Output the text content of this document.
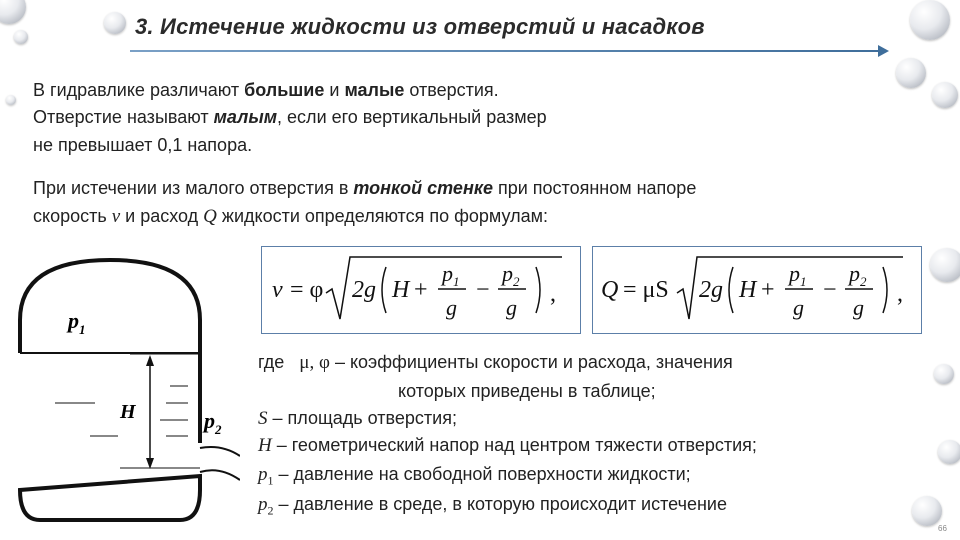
3. Истечение жидкости из отверстий и насадков
В гидравлике различают большие и малые отверстия.
Отверстие называют малым, если его вертикальный размер
не превышает 0,1 напора.
При истечении из малого отверстия в тонкой стенке при постоянном напоре
скорость v и расход Q жидкости определяются по формулам:
$p_1$
H	$p_2$
v = φ 2g H +
$p_1$
g
−
$p_2$
g
, Q = μS 2g H +
$p_1$
g
−
$p_2$
g
,
где μ, φ – коэффициенты скорости и расхода, значения
которых приведены в таблице;
S – площадь отверстия;
H – геометрический напор над центром тяжести отверстия;
$p_1$ – давление на свободной поверхности жидкости;
$p_2$ – давление в среде, в которую происходит истечение
66
